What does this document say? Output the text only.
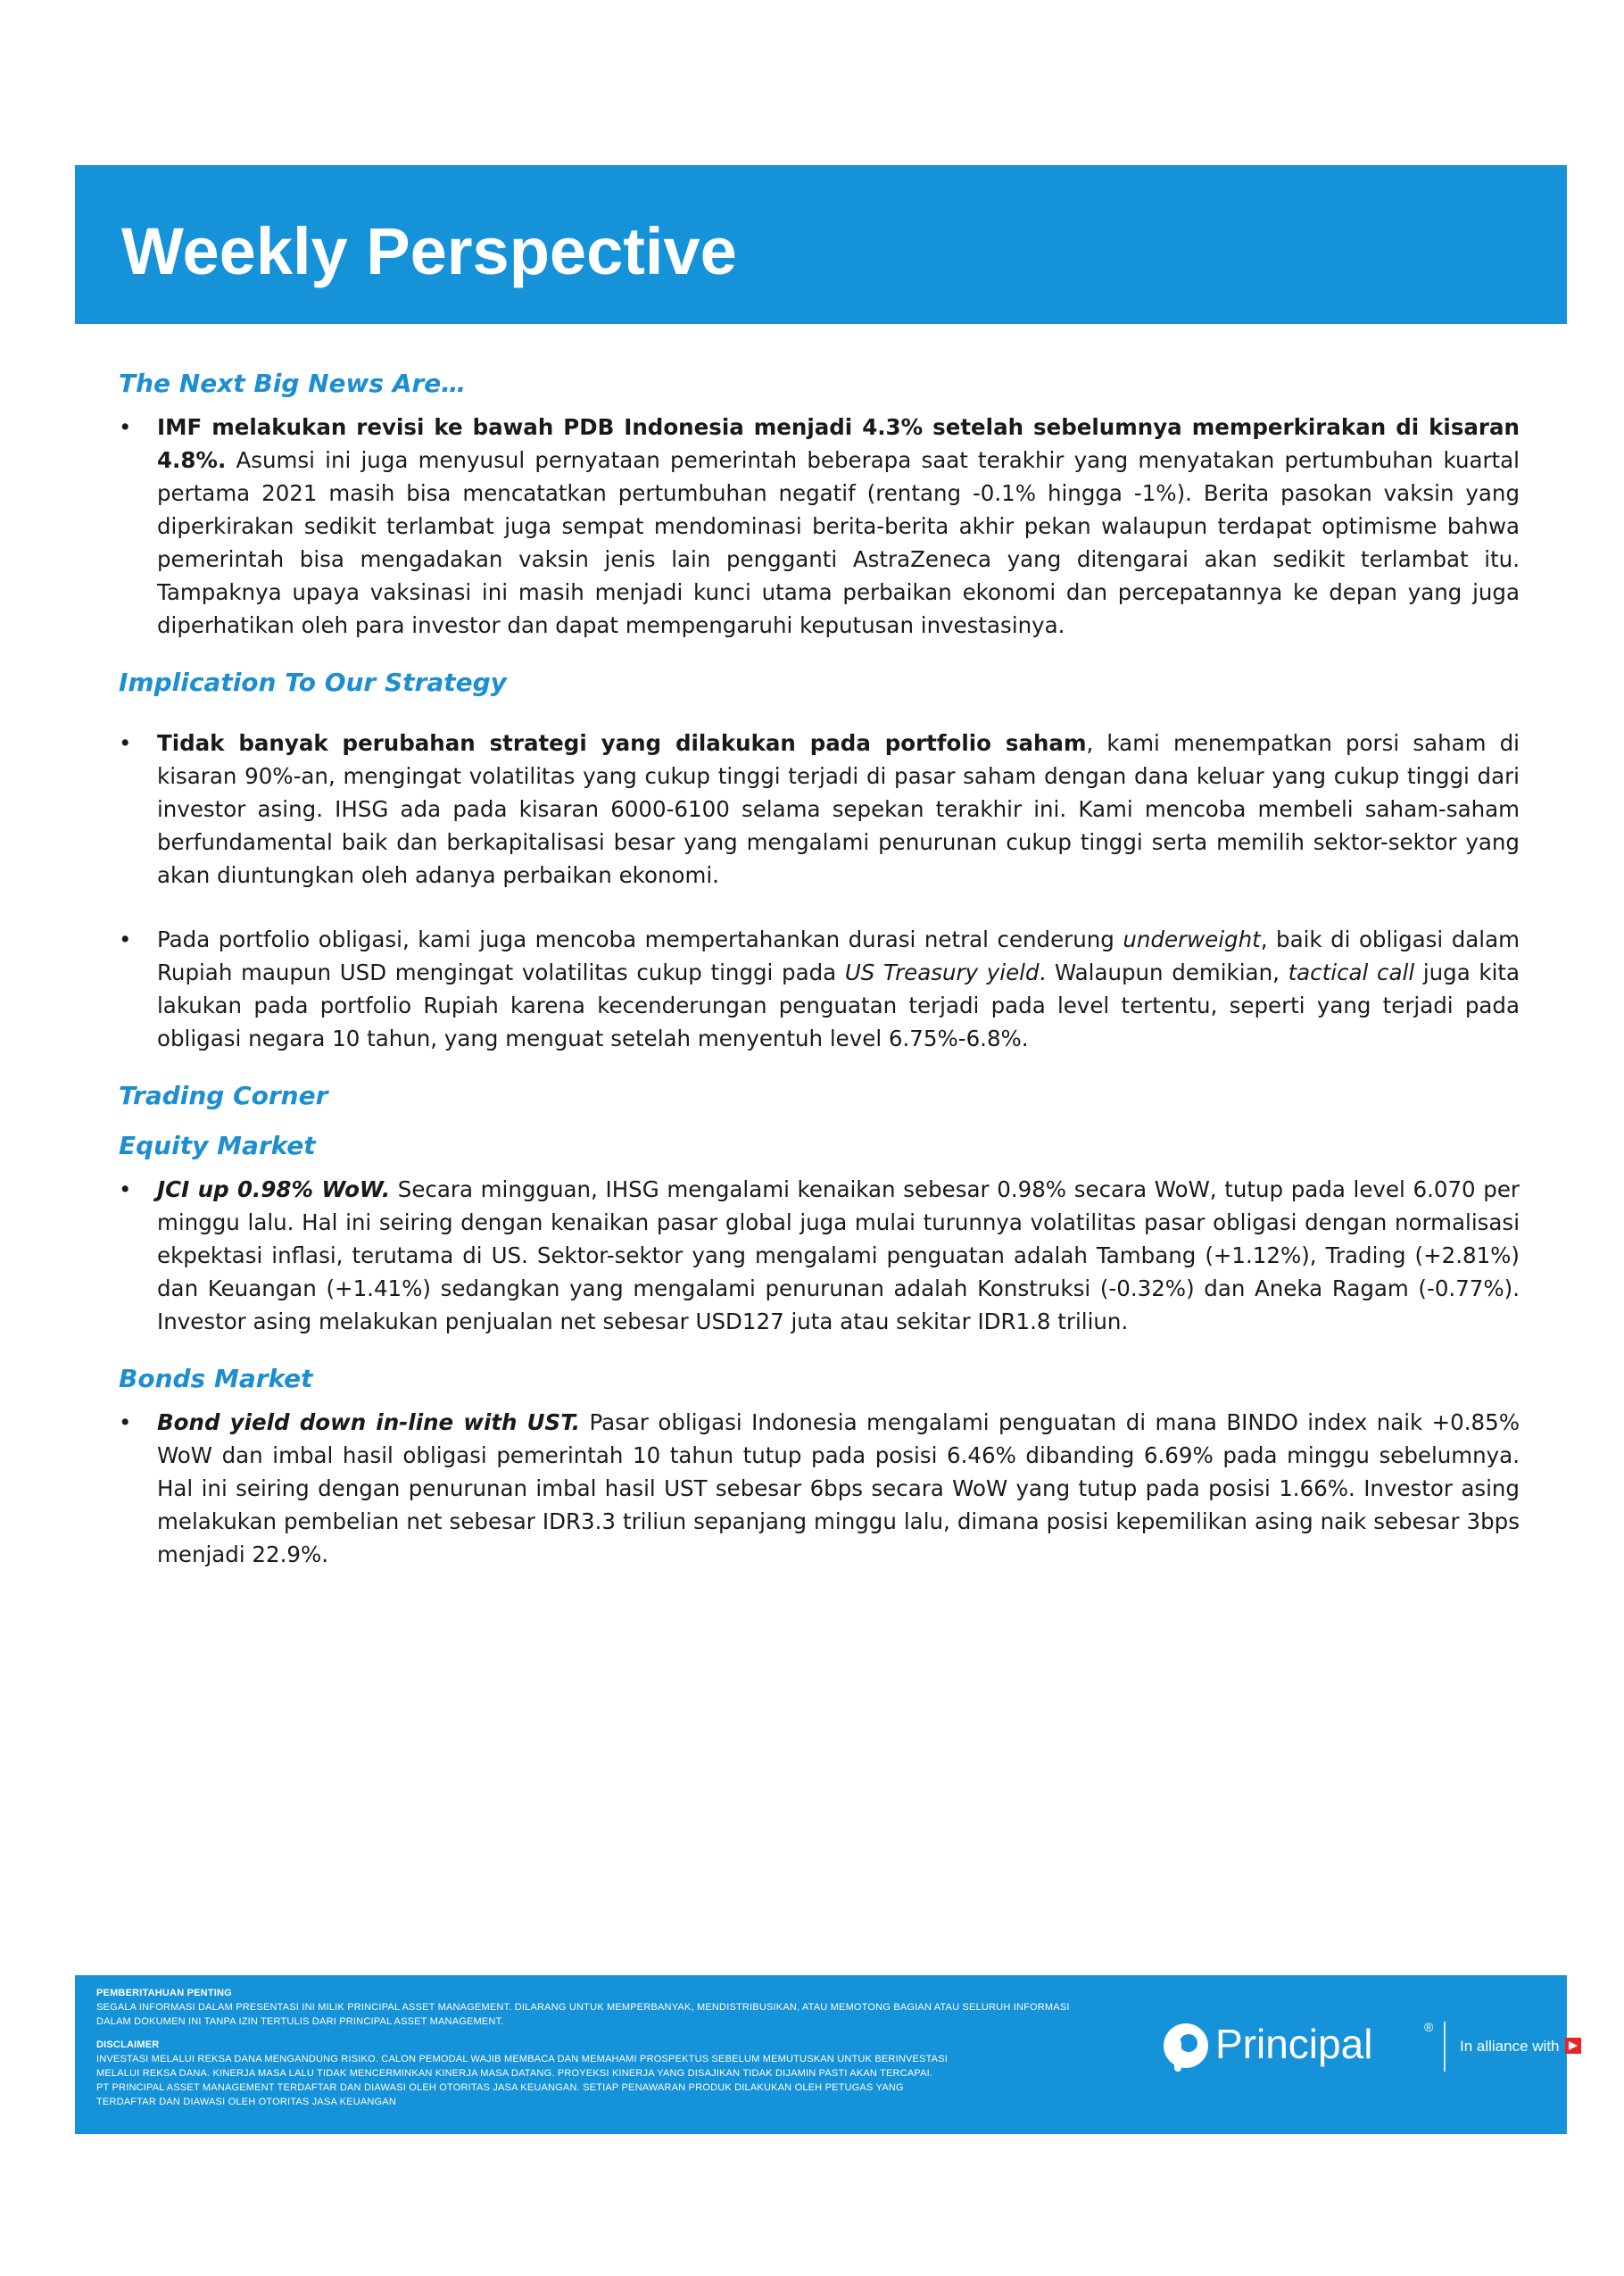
Weekly Perspective
The Next Big News Are…
• IMF melakukan revisi ke bawah PDB Indonesia menjadi 4.3% setelah sebelumnya memperkirakan di kisaran 4.8%. Asumsi ini juga menyusul pernyataan pemerintah beberapa saat terakhir yang menyatakan pertumbuhan kuartal pertama 2021 masih bisa mencatatkan pertumbuhan negatif (rentang -0.1% hingga -1%). Berita pasokan vaksin yang diperkirakan sedikit terlambat juga sempat mendominasi berita-berita akhir pekan walaupun terdapat optimisme bahwa pemerintah bisa mengadakan vaksin jenis lain pengganti AstraZeneca yang ditengarai akan sedikit terlambat itu. Tampaknya upaya vaksinasi ini masih menjadi kunci utama perbaikan ekonomi dan percepatannya ke depan yang juga diperhatikan oleh para investor dan dapat mempengaruhi keputusan investasinya.
Implication To Our Strategy
• Tidak banyak perubahan strategi yang dilakukan pada portfolio saham, kami menempatkan porsi saham di kisaran 90%-an, mengingat volatilitas yang cukup tinggi terjadi di pasar saham dengan dana keluar yang cukup tinggi dari investor asing. IHSG ada pada kisaran 6000-6100 selama sepekan terakhir ini. Kami mencoba membeli saham-saham berfundamental baik dan berkapitalisasi besar yang mengalami penurunan cukup tinggi serta memilih sektor-sektor yang akan diuntungkan oleh adanya perbaikan ekonomi.
• Pada portfolio obligasi, kami juga mencoba mempertahankan durasi netral cenderung underweight, baik di obligasi dalam Rupiah maupun USD mengingat volatilitas cukup tinggi pada US Treasury yield. Walaupun demikian, tactical call juga kita lakukan pada portfolio Rupiah karena kecenderungan penguatan terjadi pada level tertentu, seperti yang terjadi pada obligasi negara 10 tahun, yang menguat setelah menyentuh level 6.75%-6.8%.
Trading Corner
Equity Market
• JCI up 0.98% WoW. Secara mingguan, IHSG mengalami kenaikan sebesar 0.98% secara WoW, tutup pada level 6.070 per minggu lalu. Hal ini seiring dengan kenaikan pasar global juga mulai turunnya volatilitas pasar obligasi dengan normalisasi ekpektasi inflasi, terutama di US. Sektor-sektor yang mengalami penguatan adalah Tambang (+1.12%), Trading (+2.81%) dan Keuangan (+1.41%) sedangkan yang mengalami penurunan adalah Konstruksi (-0.32%) dan Aneka Ragam (-0.77%). Investor asing melakukan penjualan net sebesar USD127 juta atau sekitar IDR1.8 triliun.
Bonds Market
• Bond yield down in-line with UST. Pasar obligasi Indonesia mengalami penguatan di mana BINDO index naik +0.85% WoW dan imbal hasil obligasi pemerintah 10 tahun tutup pada posisi 6.46% dibanding 6.69% pada minggu sebelumnya. Hal ini seiring dengan penurunan imbal hasil UST sebesar 6bps secara WoW yang tutup pada posisi 1.66%. Investor asing melakukan pembelian net sebesar IDR3.3 triliun sepanjang minggu lalu, dimana posisi kepemilikan asing naik sebesar 3bps menjadi 22.9%.
PEMBERITAHUAN PENTING
SEGALA INFORMASI DALAM PRESENTASI INI MILIK PRINCIPAL ASSET MANAGEMENT. DILARANG UNTUK MEMPERBANYAK, MENDISTRIBUSIKAN, ATAU MEMOTONG BAGIAN ATAU SELURUH INFORMASI
DALAM DOKUMEN INI TANPA IZIN TERTULIS DARI PRINCIPAL ASSET MANAGEMENT.
DISCLAIMER
INVESTASI MELALUI REKSA DANA MENGANDUNG RISIKO. CALON PEMODAL WAJIB MEMBACA DAN MEMAHAMI PROSPEKTUS SEBELUM MEMUTUSKAN UNTUK BERINVESTASI
MELALUI REKSA DANA. KINERJA MASA LALU TIDAK MENCERMINKAN KINERJA MASA DATANG. PROYEKSI KINERJA YANG DISAJIKAN TIDAK DIJAMIN PASTI AKAN TERCAPAI.
PT PRINCIPAL ASSET MANAGEMENT TERDAFTAR DAN DIAWASI OLEH OTORITAS JASA KEUANGAN. SETIAP PENAWARAN PRODUK DILAKUKAN OLEH PETUGAS YANG
TERDAFTAR DAN DIAWASI OLEH OTORITAS JASA KEUANGAN
Principal	®
In alliance with CIMB
